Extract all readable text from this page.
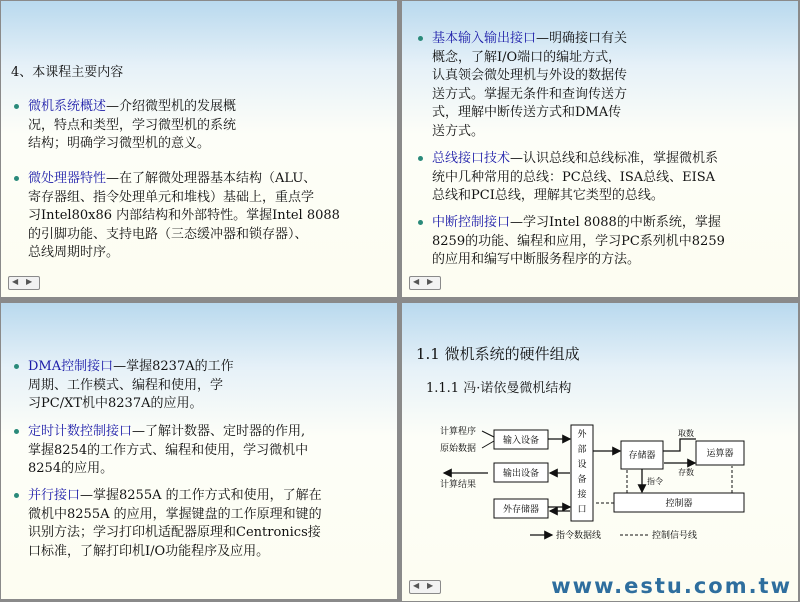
4、本课程主要内容
微机系统概述—介绍微型机的发展概
况，特点和类型，学习微型机的系统
结构；明确学习微型机的意义。
微处理器特性—在了解微处理器基本结构（ALU、
寄存器组、指令处理单元和堆栈）基础上，重点学
习Intel80x86 内部结构和外部特性。掌握Intel 8088
的引脚功能、支持电路（三态缓冲器和锁存器）、
总线周期时序。
◀ ▶
基本输入输出接口—明确接口有关
概念，了解I/O端口的编址方式，
认真领会微处理机与外设的数据传
送方式。掌握无条件和查询传送方
式，理解中断传送方式和DMA传
送方式。
总线接口技术—认识总线和总线标准，掌握微机系
统中几种常用的总线：PC总线、ISA总线、EISA
总线和PCI总线，理解其它类型的总线。
中断控制接口—学习Intel 8088的中断系统，掌握
8259的功能、编程和应用，学习PC系列机中8259
的应用和编写中断服务程序的方法。
◀ ▶
DMA控制接口—掌握8237A的工作
周期、工作模式、编程和使用，学
习PC/XT机中8237A的应用。
定时计数控制接口—了解计数器、定时器的作用,
掌握8254的工作方式、编程和使用，学习微机中
8254的应用。
并行接口—掌握8255A 的工作方式和使用，了解在
微机中8255A 的应用，掌握键盘的工作原理和键的
识别方法；学习打印机适配器原理和Centronics接
口标准，了解打印机I/O功能程序及应用。
1.1 微机系统的硬件组成
1.1.1 冯·诺依曼微机结构
计算程序
原始数据
计算结果
输入设备
输出设备
外存储器
外
部
设
备
接
口
存储器	运算器
取数
存数
指令
控制器
指令数据线	控制信号线
◀ ▶	www.estu.com.tw
